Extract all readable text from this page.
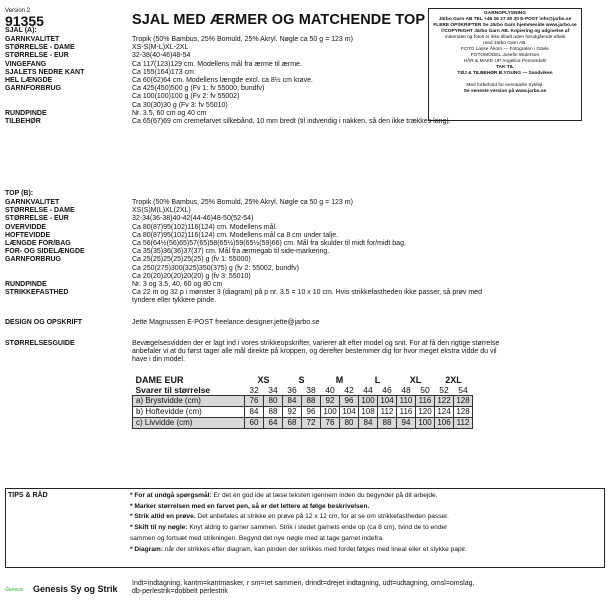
Version 2
91355	SJAL MED ÆRMER OG MATCHENDE TOP	GARNOPLYSNING
Järbo Garn AB TEL +46 26 27 30 30 E-POST info@jarbo.se
FLERE OPSKRIFTER Se Järbo Garn hjemmeside www.jarbo.se
©COPYRIGHT Järbo Garn AB. Kopiering og udgivelse af
materialet og fotos er ikke tilladt uden forudgående aftale
med Järbo Garn AB.
FOTO Lasse Åkom — Fotografen i Gävle
FOTOMODEL Josefin Widerson
HÅR & MAKE UP Angelica Pennerdahl
TAK TIL
TØJ & TILBEHØR B.YOUNG — Sandviken

Med forbehold for eventuelle trykfejl.
Se seneste version på www.jarbo.se
SJAL (A):
GARNKVALITET	Tropik (50% Bambus, 25% Bomuld, 25% Akryl. Nøgle ca 50 g = 123 m)
STØRRELSE - DAME	XS-S(M-L)XL-2XL
STØRRELSE - EUR	32-38(40-46)48-54
VINGEFANG	Ca 117(123)129 cm. Modellens mål fra ærme til ærme.
SJALETS NEDRE KANT	Ca 155(164)173 cm
HEL LÆNGDE	Ca 60(62)64 cm. Modellens længde excl. ca 8½ cm krave.
GARNFORBRUG	Ca 425(450)500 g (Fv 1: fv 55000, bundfv)
Ca 100(100)100 g (Fv 2: fv 55002)
Ca 30(30)30 g (Fv 3: fv 55010)
RUNDPINDE	Nr. 3.5, 60 cm og 40 cm
TILBEHØR	Ca 65(67)69 cm cremefarvet silkebånd, 10 mm bredt (til indvendig i nakken, så den ikke trækkes lang).
TOP (B):
GARNKVALITET	Tropik (50% Bambus, 25% Bomuld, 25% Akryl. Nøgle ca 50 g = 123 m)
STØRRELSE - DAME	XS(S)M(L)XL(2XL)
STØRRELSE - EUR	32-34(36-38)40-42(44-46)48-50(52-54)
OVERVIDDE	Ca 80(87)95(102)116(124) cm. Modellens mål.
HOFTEVIDDE	Ca 80(87)95(102)116(124) cm. Modellens mål ca 8 cm under talje.
LÆNGDE FOR/BAG	Ca 56(64½(56)65)57(65)58(65½)59(65½(59)66) cm. Mål fra skulder til midt for/midt bag.
FOR- OG SIDELÆNGDE	Ca 35(35)36(36)37(37) cm. Mål fra ærmegab til side-markering.
GARNFORBRUG	Ca 25(25)25(25)25(25) g (fv 1: 55000)
Ca 250(275)300(325)350(375) g (fv 2: 55002, bundfv)
Ca 20(20)20(20)20(20) g (fv 3: 55010)
RUNDPINDE	Nr. 3 og 3.5, 40, 60 og 80 cm
STRIKKEFASTHED	Ca 22 m og 32 p i mønster 3 (diagram) på p nr. 3.5 = 10 x 10 cm. Hvis strikkefastheden ikke passer, så prøv med
tyndere eller tykkere pinde.
DESIGN OG OPSKRIFT	Jette Magnussen E-POST freelance.designer.jette@jarbo.se
STØRRELSESGUIDE	Bevægelsesvidden der er lagt ind i vores strikkeopskrifter, varierer alt efter model og snit. For at få den rigtige størrelse
anbefaler vi at du først tager alle mål direkte på kroppen, og derefter bestemmer dig for hvor meget ekstra vidde du vil
have i din model.
DAME EUR	XS		S		M		L		XL		2XL	
Svarer til størrelse	32	34	36	38	40	42	44	46	48	50	52	54
a) Brystvidde (cm)	76	80	84	88	92	96	100	104	110	116	122	128
b) Hoftevidde (cm)	84	88	92	96	100	104	108	112	116	120	124	128
c) Livvidde (cm)	60	64	68	72	76	80	84	88	94	100	106	112
TIPS & RÅD	* For at undgå spørgsmål: Er det en god ide at læse teksten igennem inden du begynder på dit arbejde.
* Marker størrelsen med en farvet pen, så er det lettere at følge beskrivelsen.
* Strik altid en prøve. Det anbefales at strikke en prøve på 12 x 12 cm, for at se om strikkefastheden passer.
* Skift til ny nøgle: Knyt aldrig to garner sammen. Strik i stedet garnets ende op (ca 8 cm), tvind de to ender
sammen og fortsæt med strikningen. Begynd det nye nøgle med at tage garnet indefra.
* Diagram: når der strikkes efter diagram, kan pinden der strikkes med fordel følges med lineal eller et stykke papir.
Genesis Genesis Sy og Strik
Indt=indtagning, kantm=kantmasker, r sm=ret sammen, drindt=drejet indtagning, udt=udtagning, omsl=omslag,
db-perlestrik=dobbelt perlestrik
